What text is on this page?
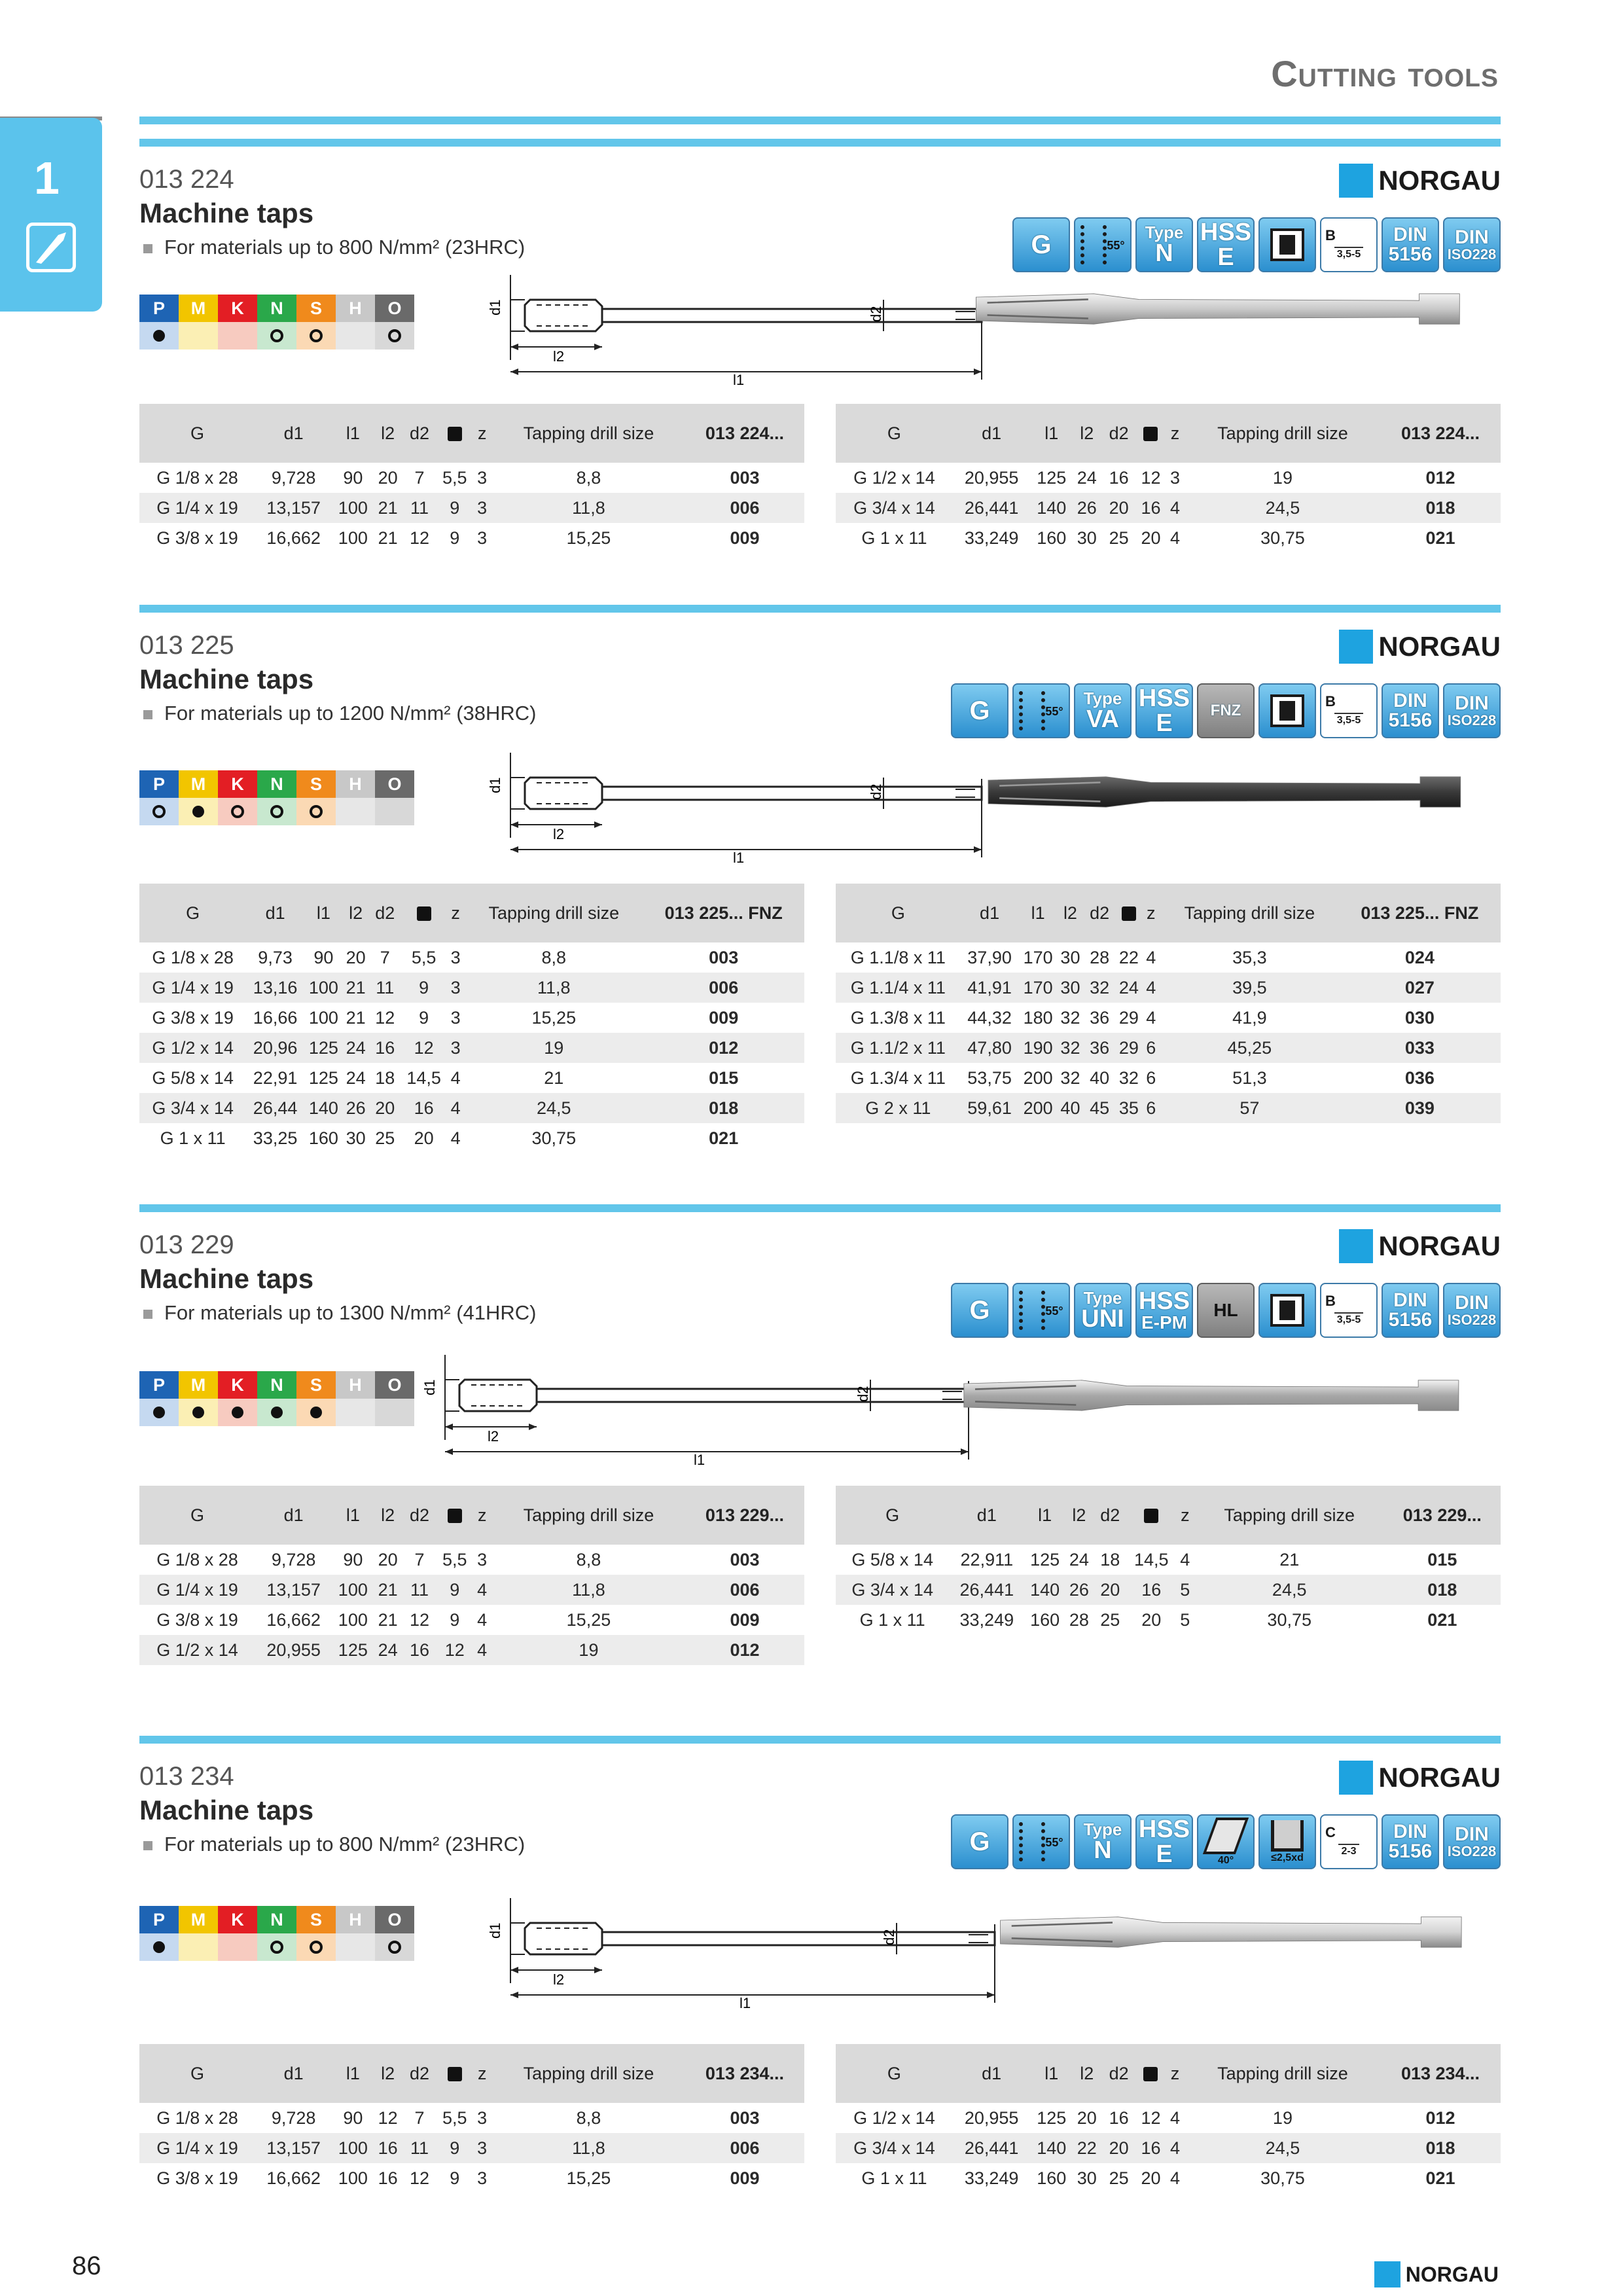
1
Cutting tools
013 224
Machine taps
For materials up to 800 N/mm² (23HRC)
NORGAU
G	55°
Type
N
HSS
E
B
3,5-5
DIN
5156
DIN
ISO228
P	M	K	N	S	H	O	d1	d2
l2
l1
G	d1	l1	l2	d2		z	Tapping drill size	013 224...
G 1/8 x 28	9,728	90	20	7	5,5	3	8,8	003
G 1/4 x 19	13,157	100	21	11	9	3	11,8	006
G 3/8 x 19	16,662	100	21	12	9	3	15,25	009
G	d1	l1	l2	d2		z	Tapping drill size	013 224...
G 1/2 x 14	20,955	125	24	16	12	3	19	012
G 3/4 x 14	26,441	140	26	20	16	4	24,5	018
G 1 x 11	33,249	160	30	25	20	4	30,75	021
013 225
Machine taps
For materials up to 1200 N/mm² (38HRC)
NORGAU
G	55°
Type
VA
HSS
E FNZ
B
3,5-5
DIN
5156
DIN
ISO228
P	M	K	N	S	H	O	d1	d2
l2
l1
G	d1	l1	l2	d2		z	Tapping drill size	013 225... FNZ
G 1/8 x 28	9,73	90	20	7	5,5	3	8,8	003
G 1/4 x 19	13,16	100	21	11	9	3	11,8	006
G 3/8 x 19	16,66	100	21	12	9	3	15,25	009
G 1/2 x 14	20,96	125	24	16	12	3	19	012
G 5/8 x 14	22,91	125	24	18	14,5	4	21	015
G 3/4 x 14	26,44	140	26	20	16	4	24,5	018
G 1 x 11	33,25	160	30	25	20	4	30,75	021
G	d1	l1	l2	d2		z	Tapping drill size	013 225... FNZ
G 1.1/8 x 11	37,90	170	30	28	22	4	35,3	024
G 1.1/4 x 11	41,91	170	30	32	24	4	39,5	027
G 1.3/8 x 11	44,32	180	32	36	29	4	41,9	030
G 1.1/2 x 11	47,80	190	32	36	29	6	45,25	033
G 1.3/4 x 11	53,75	200	32	40	32	6	51,3	036
G 2 x 11	59,61	200	40	45	35	6	57	039
013 229
Machine taps
For materials up to 1300 N/mm² (41HRC)
NORGAU
G	55°
Type
UNI
HSS
E-PM
HL	B
3,5-5
DIN
5156
DIN
ISO228
P	M	K	N	S	H	O	d1	d2
l2
l1
G	d1	l1	l2	d2		z	Tapping drill size	013 229...
G 1/8 x 28	9,728	90	20	7	5,5	3	8,8	003
G 1/4 x 19	13,157	100	21	11	9	4	11,8	006
G 3/8 x 19	16,662	100	21	12	9	4	15,25	009
G 1/2 x 14	20,955	125	24	16	12	4	19	012
G	d1	l1	l2	d2		z	Tapping drill size	013 229...
G 5/8 x 14	22,911	125	24	18	14,5	4	21	015
G 3/4 x 14	26,441	140	26	20	16	5	24,5	018
G 1 x 11	33,249	160	28	25	20	5	30,75	021
013 234
Machine taps
For materials up to 800 N/mm² (23HRC)
NORGAU
G	55°
Type
N
HSS
E	40°	≤2,5xd
C
2-3
DIN
5156
DIN
ISO228
P	M	K	N	S	H	O
d1	d2
l2
l1
G	d1	l1	l2	d2		z	Tapping drill size	013 234...
G 1/8 x 28	9,728	90	12	7	5,5	3	8,8	003
G 1/4 x 19	13,157	100	16	11	9	3	11,8	006
G 3/8 x 19	16,662	100	16	12	9	3	15,25	009
G	d1	l1	l2	d2		z	Tapping drill size	013 234...
G 1/2 x 14	20,955	125	20	16	12	4	19	012
G 3/4 x 14	26,441	140	22	20	16	4	24,5	018
G 1 x 11	33,249	160	30	25	20	4	30,75	021
86	NORGAU
